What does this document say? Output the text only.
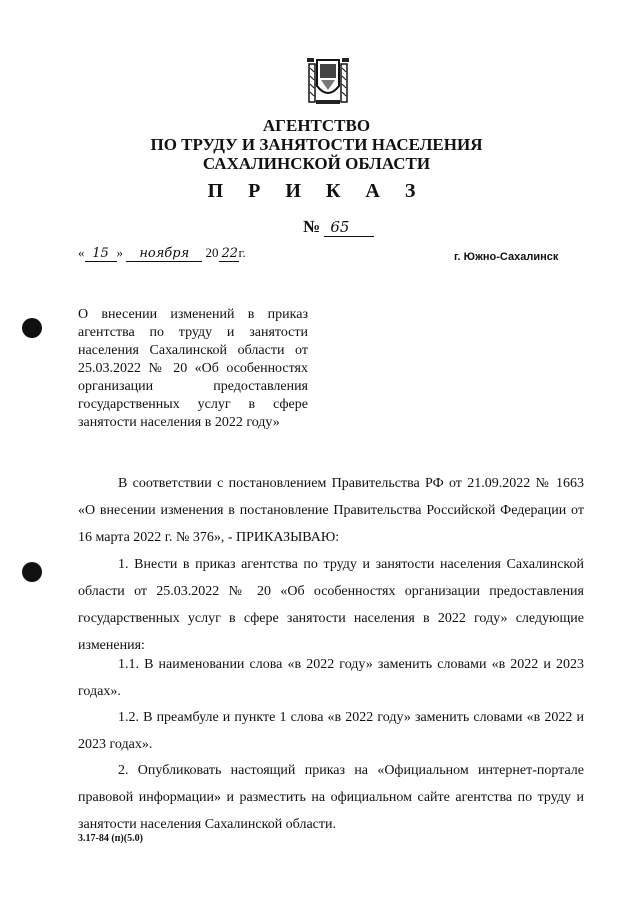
АГЕНТСТВО
ПО ТРУДУ И ЗАНЯТОСТИ НАСЕЛЕНИЯ
САХАЛИНСКОЙ ОБЛАСТИ
П Р И К А З
№ 65
« 15 » ноября 20 22г.	г. Южно-Сахалинск

О внесении изменений в приказ агентства по труду и занятости населения Сахалинской области от 25.03.2022 № 20 «Об особенностях организации предоставления государственных услуг в сфере занятости населения в 2022 году»

В соответствии с постановлением Правительства РФ от 21.09.2022 № 1663 «О внесении изменения в постановление Правительства Российской Федерации от 16 марта 2022 г. № 376», - ПРИКАЗЫВАЮ:

1. Внести в приказ агентства по труду и занятости населения Сахалинской области от 25.03.2022 № 20 «Об особенностях организации предоставления государственных услуг в сфере занятости населения в 2022 году» следующие изменения:

1.1. В наименовании слова «в 2022 году» заменить словами «в 2022 и 2023 годах».

1.2. В преамбуле и пункте 1 слова «в 2022 году» заменить словами «в 2022 и 2023 годах».

2. Опубликовать настоящий приказ на «Официальном интернет-портале правовой информации» и разместить на официальном сайте агентства по труду и занятости населения Сахалинской области.

3.17-84 (п)(5.0)
